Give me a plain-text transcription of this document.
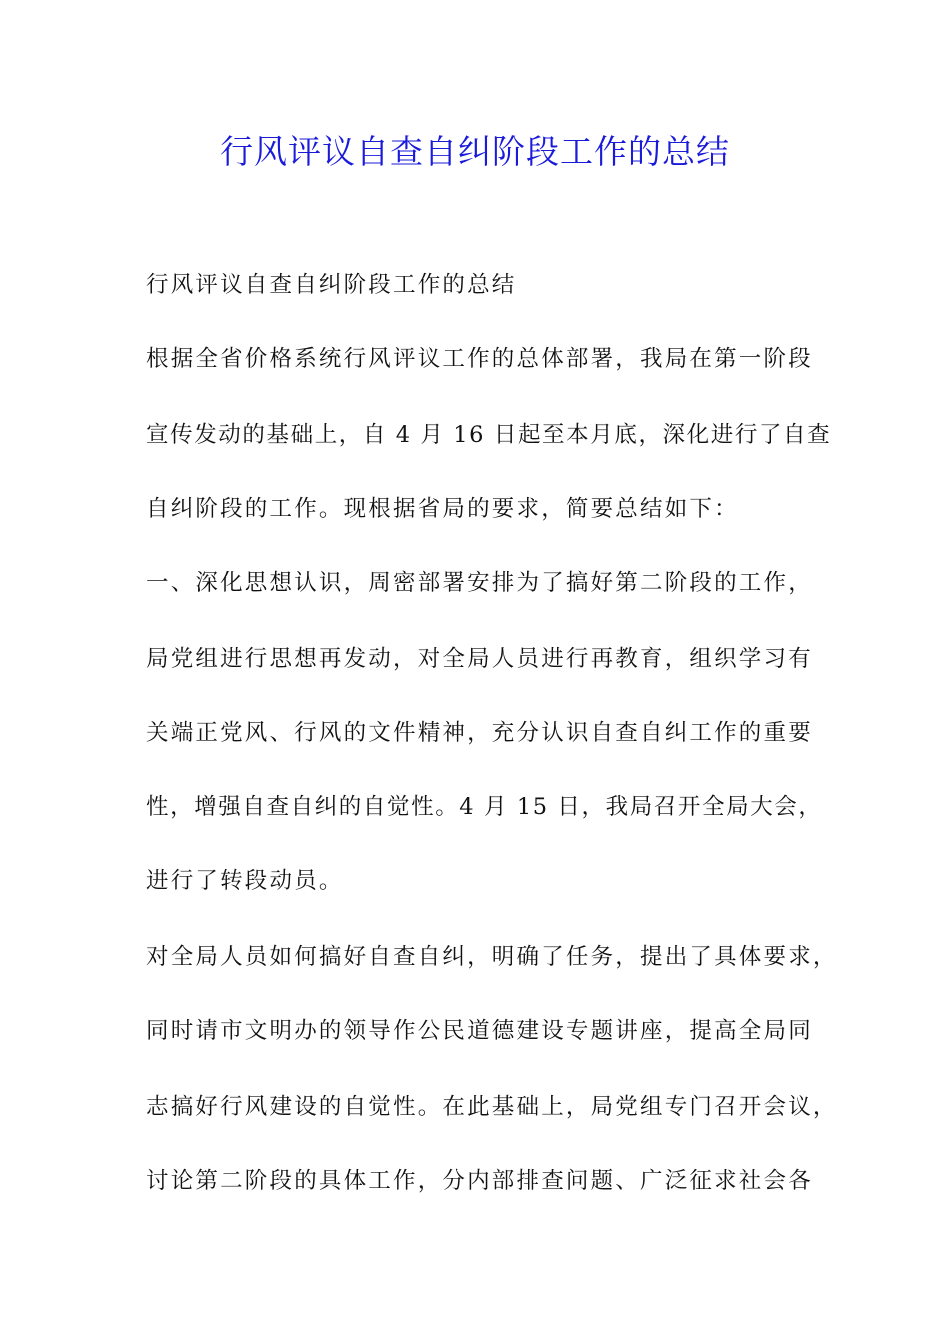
行风评议自查自纠阶段工作的总结

行风评议自查自纠阶段工作的总结

根据全省价格系统行风评议工作的总体部署，我局在第一阶段

宣传发动的基础上，自 4 月 16 日起至本月底，深化进行了自查

自纠阶段的工作。现根据省局的要求，简要总结如下：

一、深化思想认识，周密部署安排为了搞好第二阶段的工作，

局党组进行思想再发动，对全局人员进行再教育，组织学习有

关端正党风、行风的文件精神，充分认识自查自纠工作的重要

性，增强自查自纠的自觉性。4 月 15 日，我局召开全局大会，

进行了转段动员。

对全局人员如何搞好自查自纠，明确了任务，提出了具体要求，

同时请市文明办的领导作公民道德建设专题讲座，提高全局同

志搞好行风建设的自觉性。在此基础上，局党组专门召开会议，

讨论第二阶段的具体工作，分内部排查问题、广泛征求社会各
